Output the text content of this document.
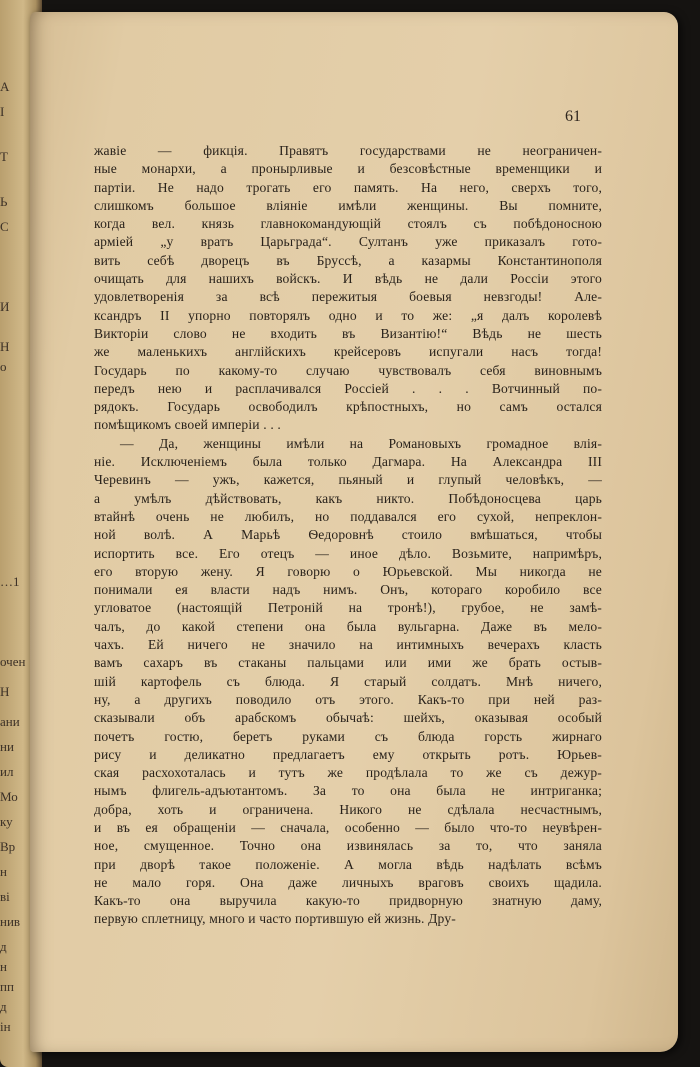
А
І
Т
Ь
С
И
Н
о
…1
очен
Н
ани
ни
ил
Мо
ку
Вр
н
ві
нив
д
н
пп
д
ін
61
жавіе — фикція. Правятъ государствами не неограничен-
ные монархи, а пронырливые и безсовѣстные временщики и
партіи. Не надо трогать его память. На него, сверхъ того,
слишкомъ большое вліяніе имѣли женщины. Вы помните,
когда вел. князь главнокомандующій стоялъ съ побѣдоносною
арміей „у вратъ Царьграда“. Султанъ уже приказалъ гото-
вить себѣ дворецъ въ Бруссѣ, а казармы Константинополя
очищать для нашихъ войскъ. И вѣдь не дали Россіи этого
удовлетворенія за всѣ пережитыя боевыя невзгоды! Але-
ксандръ II упорно повторялъ одно и то же: „я далъ королевѣ
Викторіи слово не входить въ Византію!“ Вѣдь не шесть
же маленькихъ англійскихъ крейсеровъ испугали насъ тогда!
Государь по какому-то случаю чувствовалъ себя виновнымъ
передъ нею и расплачивался Россіей . . . Вотчинный по-
рядокъ. Государь освободилъ крѣпостныхъ, но самъ остался
помѣщикомъ своей имперіи . . .
— Да, женщины имѣли на Романовыхъ громадное влія-
ніе. Исключеніемъ была только Дагмара. На Александра III
Черевинъ — ужъ, кажется, пьяный и глупый человѣкъ, —
а умѣлъ дѣйствовать, какъ никто. Побѣдоносцева царь
втайнѣ очень не любилъ, но поддавался его сухой, непреклон-
ной волѣ. А Марьѣ Ѳедоровнѣ стоило вмѣшаться, чтобы
испортить все. Его отецъ — иное дѣло. Возьмите, напримѣръ,
его вторую жену. Я говорю о Юрьевской. Мы никогда не
понимали ея власти надъ нимъ. Онъ, котораго коробило все
угловатое (настоящій Петроній на тронѣ!), грубое, не замѣ-
чалъ, до какой степени она была вульгарна. Даже въ мело-
чахъ. Ей ничего не значило на интимныхъ вечерахъ класть
вамъ сахаръ въ стаканы пальцами или ими же брать остыв-
шій картофель съ блюда. Я старый солдатъ. Мнѣ ничего,
ну, а другихъ поводило отъ этого. Какъ-то при ней раз-
сказывали объ арабскомъ обычаѣ: шейхъ, оказывая особый
почетъ гостю, беретъ руками съ блюда горсть жирнаго
рису и деликатно предлагаетъ ему открыть ротъ. Юрьев-
ская расхохоталась и тутъ же продѣлала то же съ дежур-
нымъ флигель-адъютантомъ. За то она была не интриганка;
добра, хоть и ограничена. Никого не сдѣлала несчастнымъ,
и въ ея обращеніи — сначала, особенно — было что-то неувѣрен-
ное, смущенное. Точно она извинялась за то, что заняла
при дворѣ такое положеніе. А могла вѣдь надѣлать всѣмъ
не мало горя. Она даже личныхъ враговъ своихъ щадила.
Какъ-то она выручила какую-то придворную знатную даму,
первую сплетницу, много и часто портившую ей жизнь. Дру-
